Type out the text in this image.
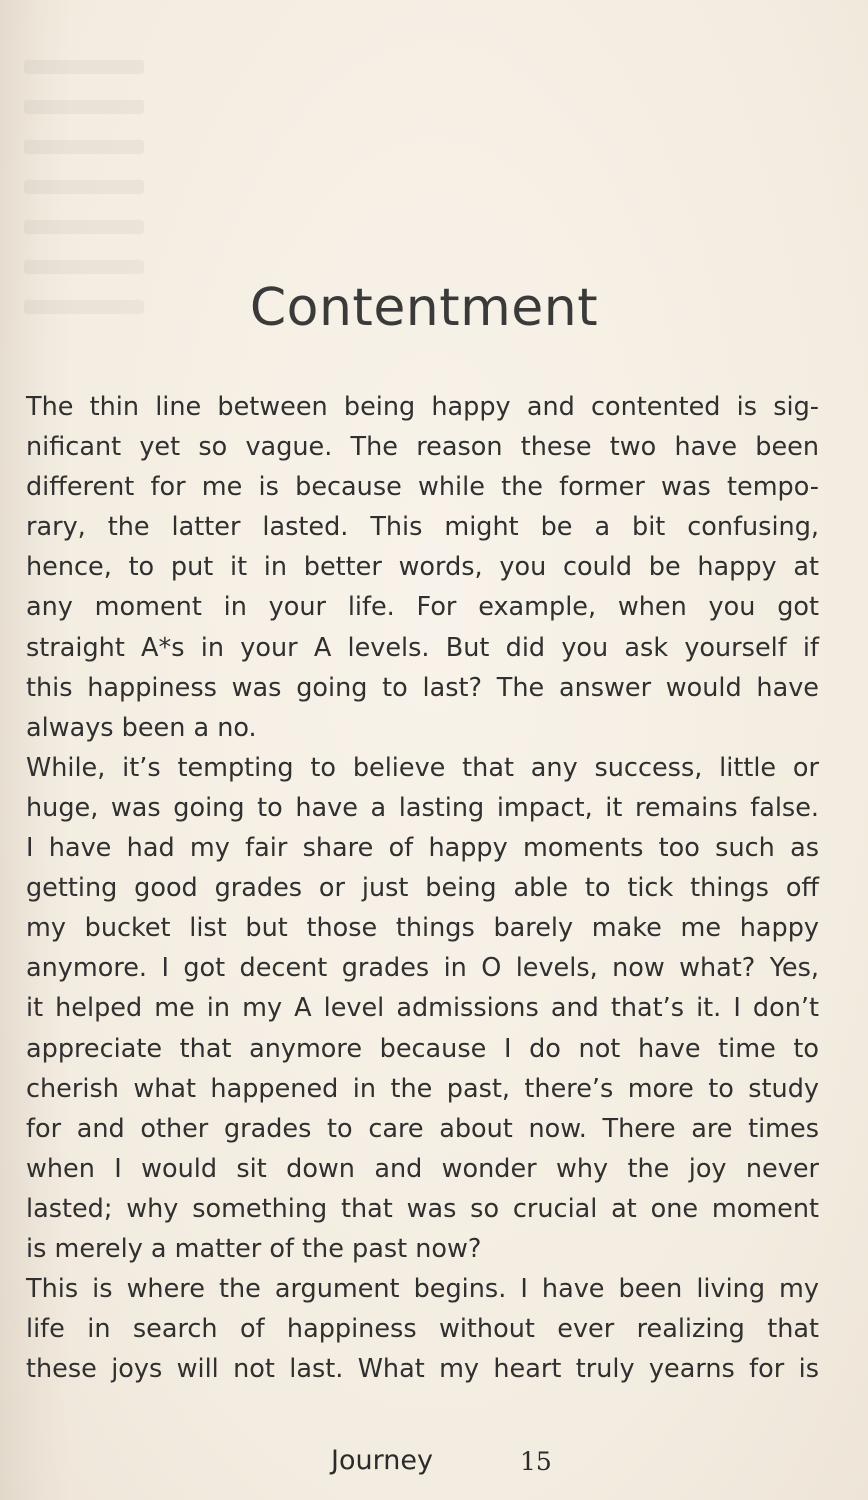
Contentment
The thin line between being happy and contented is sig-
nificant yet so vague. The reason these two have been
different for me is because while the former was tempo-
rary, the latter lasted. This might be a bit confusing,
hence, to put it in better words, you could be happy at
any moment in your life. For example, when you got
straight A*s in your A levels. But did you ask yourself if
this happiness was going to last? The answer would have
always been a no.
While, it’s tempting to believe that any success, little or
huge, was going to have a lasting impact, it remains false.
I have had my fair share of happy moments too such as
getting good grades or just being able to tick things off
my bucket list but those things barely make me happy
anymore. I got decent grades in O levels, now what? Yes,
it helped me in my A level admissions and that’s it. I don’t
appreciate that anymore because I do not have time to
cherish what happened in the past, there’s more to study
for and other grades to care about now. There are times
when I would sit down and wonder why the joy never
lasted; why something that was so crucial at one moment
is merely a matter of the past now?
This is where the argument begins. I have been living my
life in search of happiness without ever realizing that
these joys will not last. What my heart truly yearns for is
Journey	15
